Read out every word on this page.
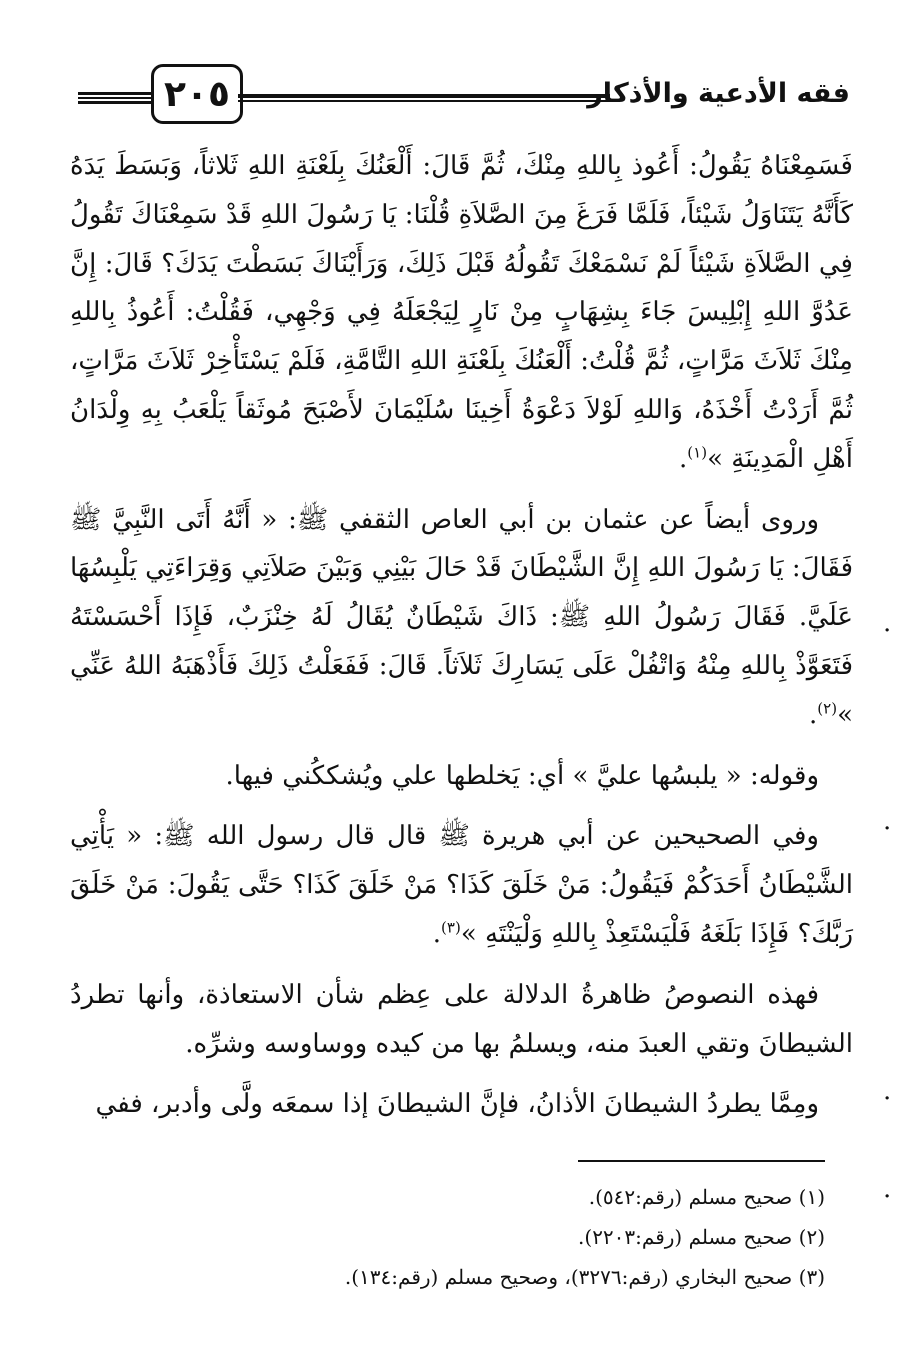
٢٠٥	فقه الأدعية والأذكار

فَسَمِعْنَاهُ يَقُولُ: أَعُوذ بِاللهِ مِنْكَ، ثُمَّ قَالَ: أَلْعَنُكَ بِلَعْنَةِ اللهِ ثَلاثاً، وَبَسَطَ يَدَهُ كَأَنَّهُ يَتَنَاوَلُ شَيْئاً، فَلَمَّا فَرَغَ مِنَ الصَّلاَةِ قُلْنَا: يَا رَسُولَ اللهِ قَدْ سَمِعْنَاكَ تَقُولُ فِي الصَّلاَةِ شَيْئاً لَمْ نَسْمَعْكَ تَقُولُهُ قَبْلَ ذَلِكَ، وَرَأَيْنَاكَ بَسَطْتَ يَدَكَ؟ قَالَ: إِنَّ عَدُوَّ اللهِ إِبْلِيسَ جَاءَ بِشِهَابٍ مِنْ نَارٍ لِيَجْعَلَهُ فِي وَجْهِي، فَقُلْتُ: أَعُوذُ بِاللهِ مِنْكَ ثَلاَثَ مَرَّاتٍ، ثُمَّ قُلْتُ: أَلْعَنُكَ بِلَعْنَةِ اللهِ التَّامَّةِ، فَلَمْ يَسْتَأْخِرْ ثَلاَثَ مَرَّاتٍ، ثُمَّ أَرَدْتُ أَخْذَهُ، وَاللهِ لَوْلاَ دَعْوَةُ أَخِينَا سُلَيْمَانَ لأَصْبَحَ مُوثَقاً يَلْعَبُ بِهِ وِلْدَانُ أَهْلِ الْمَدِينَةِ »$^{(١)}$.

وروى أيضاً عن عثمان بن أبي العاص الثقفي ﷺ: « أَنَّهُ أَتَى النَّبِيَّ ﷺ فَقَالَ: يَا رَسُولَ اللهِ إِنَّ الشَّيْطَانَ قَدْ حَالَ بَيْنِي وَبَيْنَ صَلاَتِي وَقِرَاءَتِي يَلْبِسُهَا عَلَيَّ. فَقَالَ رَسُولُ اللهِ ﷺ: ذَاكَ شَيْطَانٌ يُقَالُ لَهُ خِنْزَبٌ، فَإِذَا أَحْسَسْتَهُ فَتَعَوَّذْ بِاللهِ مِنْهُ وَاتْفُلْ عَلَى يَسَارِكَ ثَلاَثاً. قَالَ: فَفَعَلْتُ ذَلِكَ فَأَذْهَبَهُ اللهُ عَنِّي »$^{(٢)}$.

وقوله: « يلبسُها عليَّ » أي: يَخلطها علي ويُشككُني فيها.

وفي الصحيحين عن أبي هريرة ﷺ قال قال رسول الله ﷺ: « يَأْتِي الشَّيْطَانُ أَحَدَكُمْ فَيَقُولُ: مَنْ خَلَقَ كَذَا؟ مَنْ خَلَقَ كَذَا؟ حَتَّى يَقُولَ: مَنْ خَلَقَ رَبَّكَ؟ فَإِذَا بَلَغَهُ فَلْيَسْتَعِذْ بِاللهِ وَلْيَنْتَهِ »$^{(٣)}$.

فهذه النصوصُ ظاهرةُ الدلالة على عِظم شأن الاستعاذة، وأنها تطردُ الشيطانَ وتقي العبدَ منه، ويسلمُ بها من كيده ووساوسه وشرِّه.

ومِمَّا يطردُ الشيطانَ الأذانُ، فإنَّ الشيطانَ إذا سمعَه ولَّى وأدبر، ففي

·
·
·
·
(١) صحيح مسلم (رقم:٥٤٢).
(٢) صحيح مسلم (رقم:٢٢٠٣).
(٣) صحيح البخاري (رقم:٣٢٧٦)، وصحيح مسلم (رقم:١٣٤).
